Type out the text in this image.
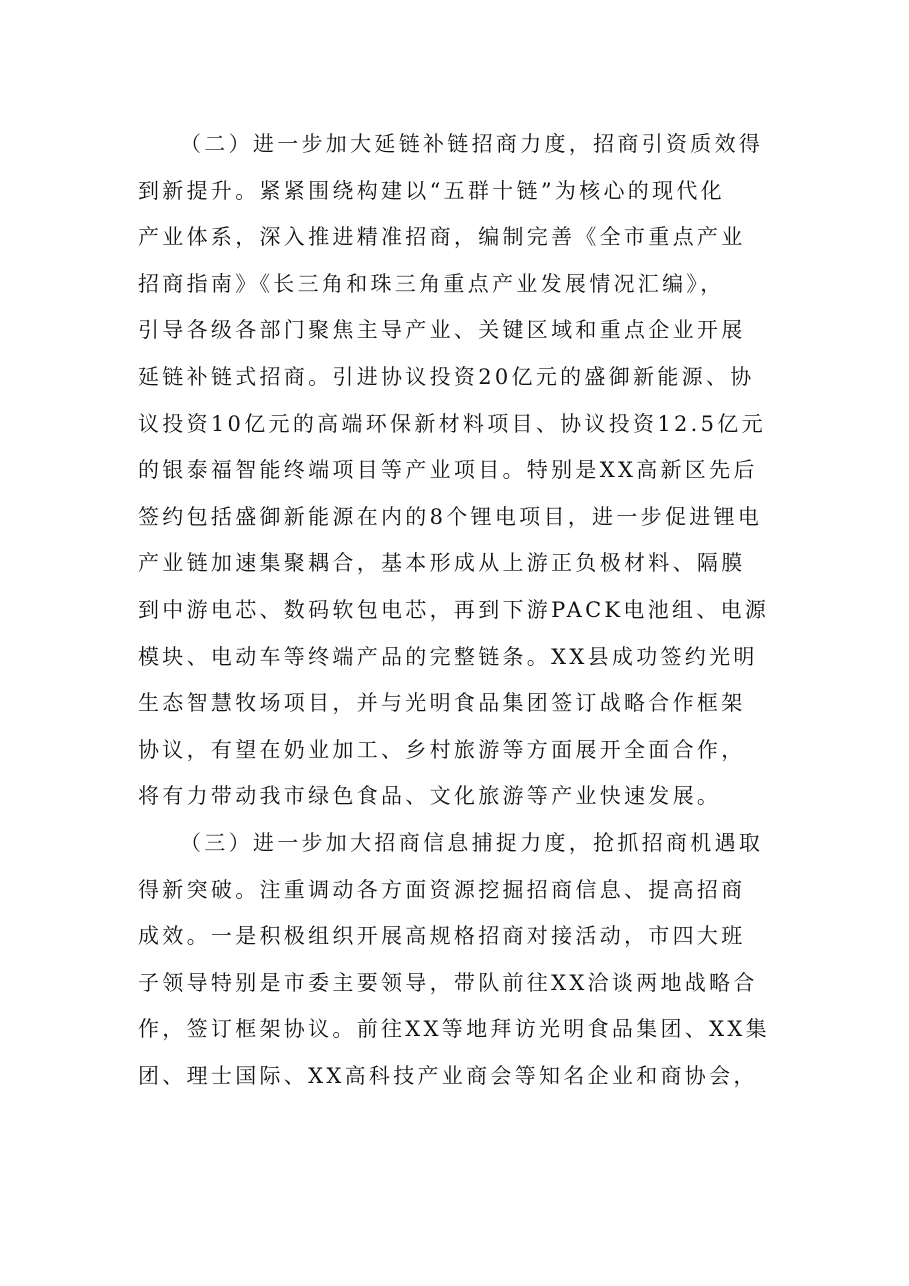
（二）进一步加大延链补链招商力度，招商引资质效得
到新提升。紧紧围绕构建以“五群十链”为核心的现代化
产业体系，深入推进精准招商，编制完善《全市重点产业
招商指南》《长三角和珠三角重点产业发展情况汇编》，
引导各级各部门聚焦主导产业、关键区域和重点企业开展
延链补链式招商。引进协议投资20亿元的盛御新能源、协
议投资10亿元的高端环保新材料项目、协议投资12.5亿元
的银泰福智能终端项目等产业项目。特别是XX高新区先后
签约包括盛御新能源在内的8个锂电项目，进一步促进锂电
产业链加速集聚耦合，基本形成从上游正负极材料、隔膜
到中游电芯、数码软包电芯，再到下游PACK电池组、电源
模块、电动车等终端产品的完整链条。XX县成功签约光明
生态智慧牧场项目，并与光明食品集团签订战略合作框架
协议，有望在奶业加工、乡村旅游等方面展开全面合作，
将有力带动我市绿色食品、文化旅游等产业快速发展。
（三）进一步加大招商信息捕捉力度，抢抓招商机遇取
得新突破。注重调动各方面资源挖掘招商信息、提高招商
成效。一是积极组织开展高规格招商对接活动，市四大班
子领导特别是市委主要领导，带队前往XX洽谈两地战略合
作，签订框架协议。前往XX等地拜访光明食品集团、XX集
团、理士国际、XX高科技产业商会等知名企业和商协会，
